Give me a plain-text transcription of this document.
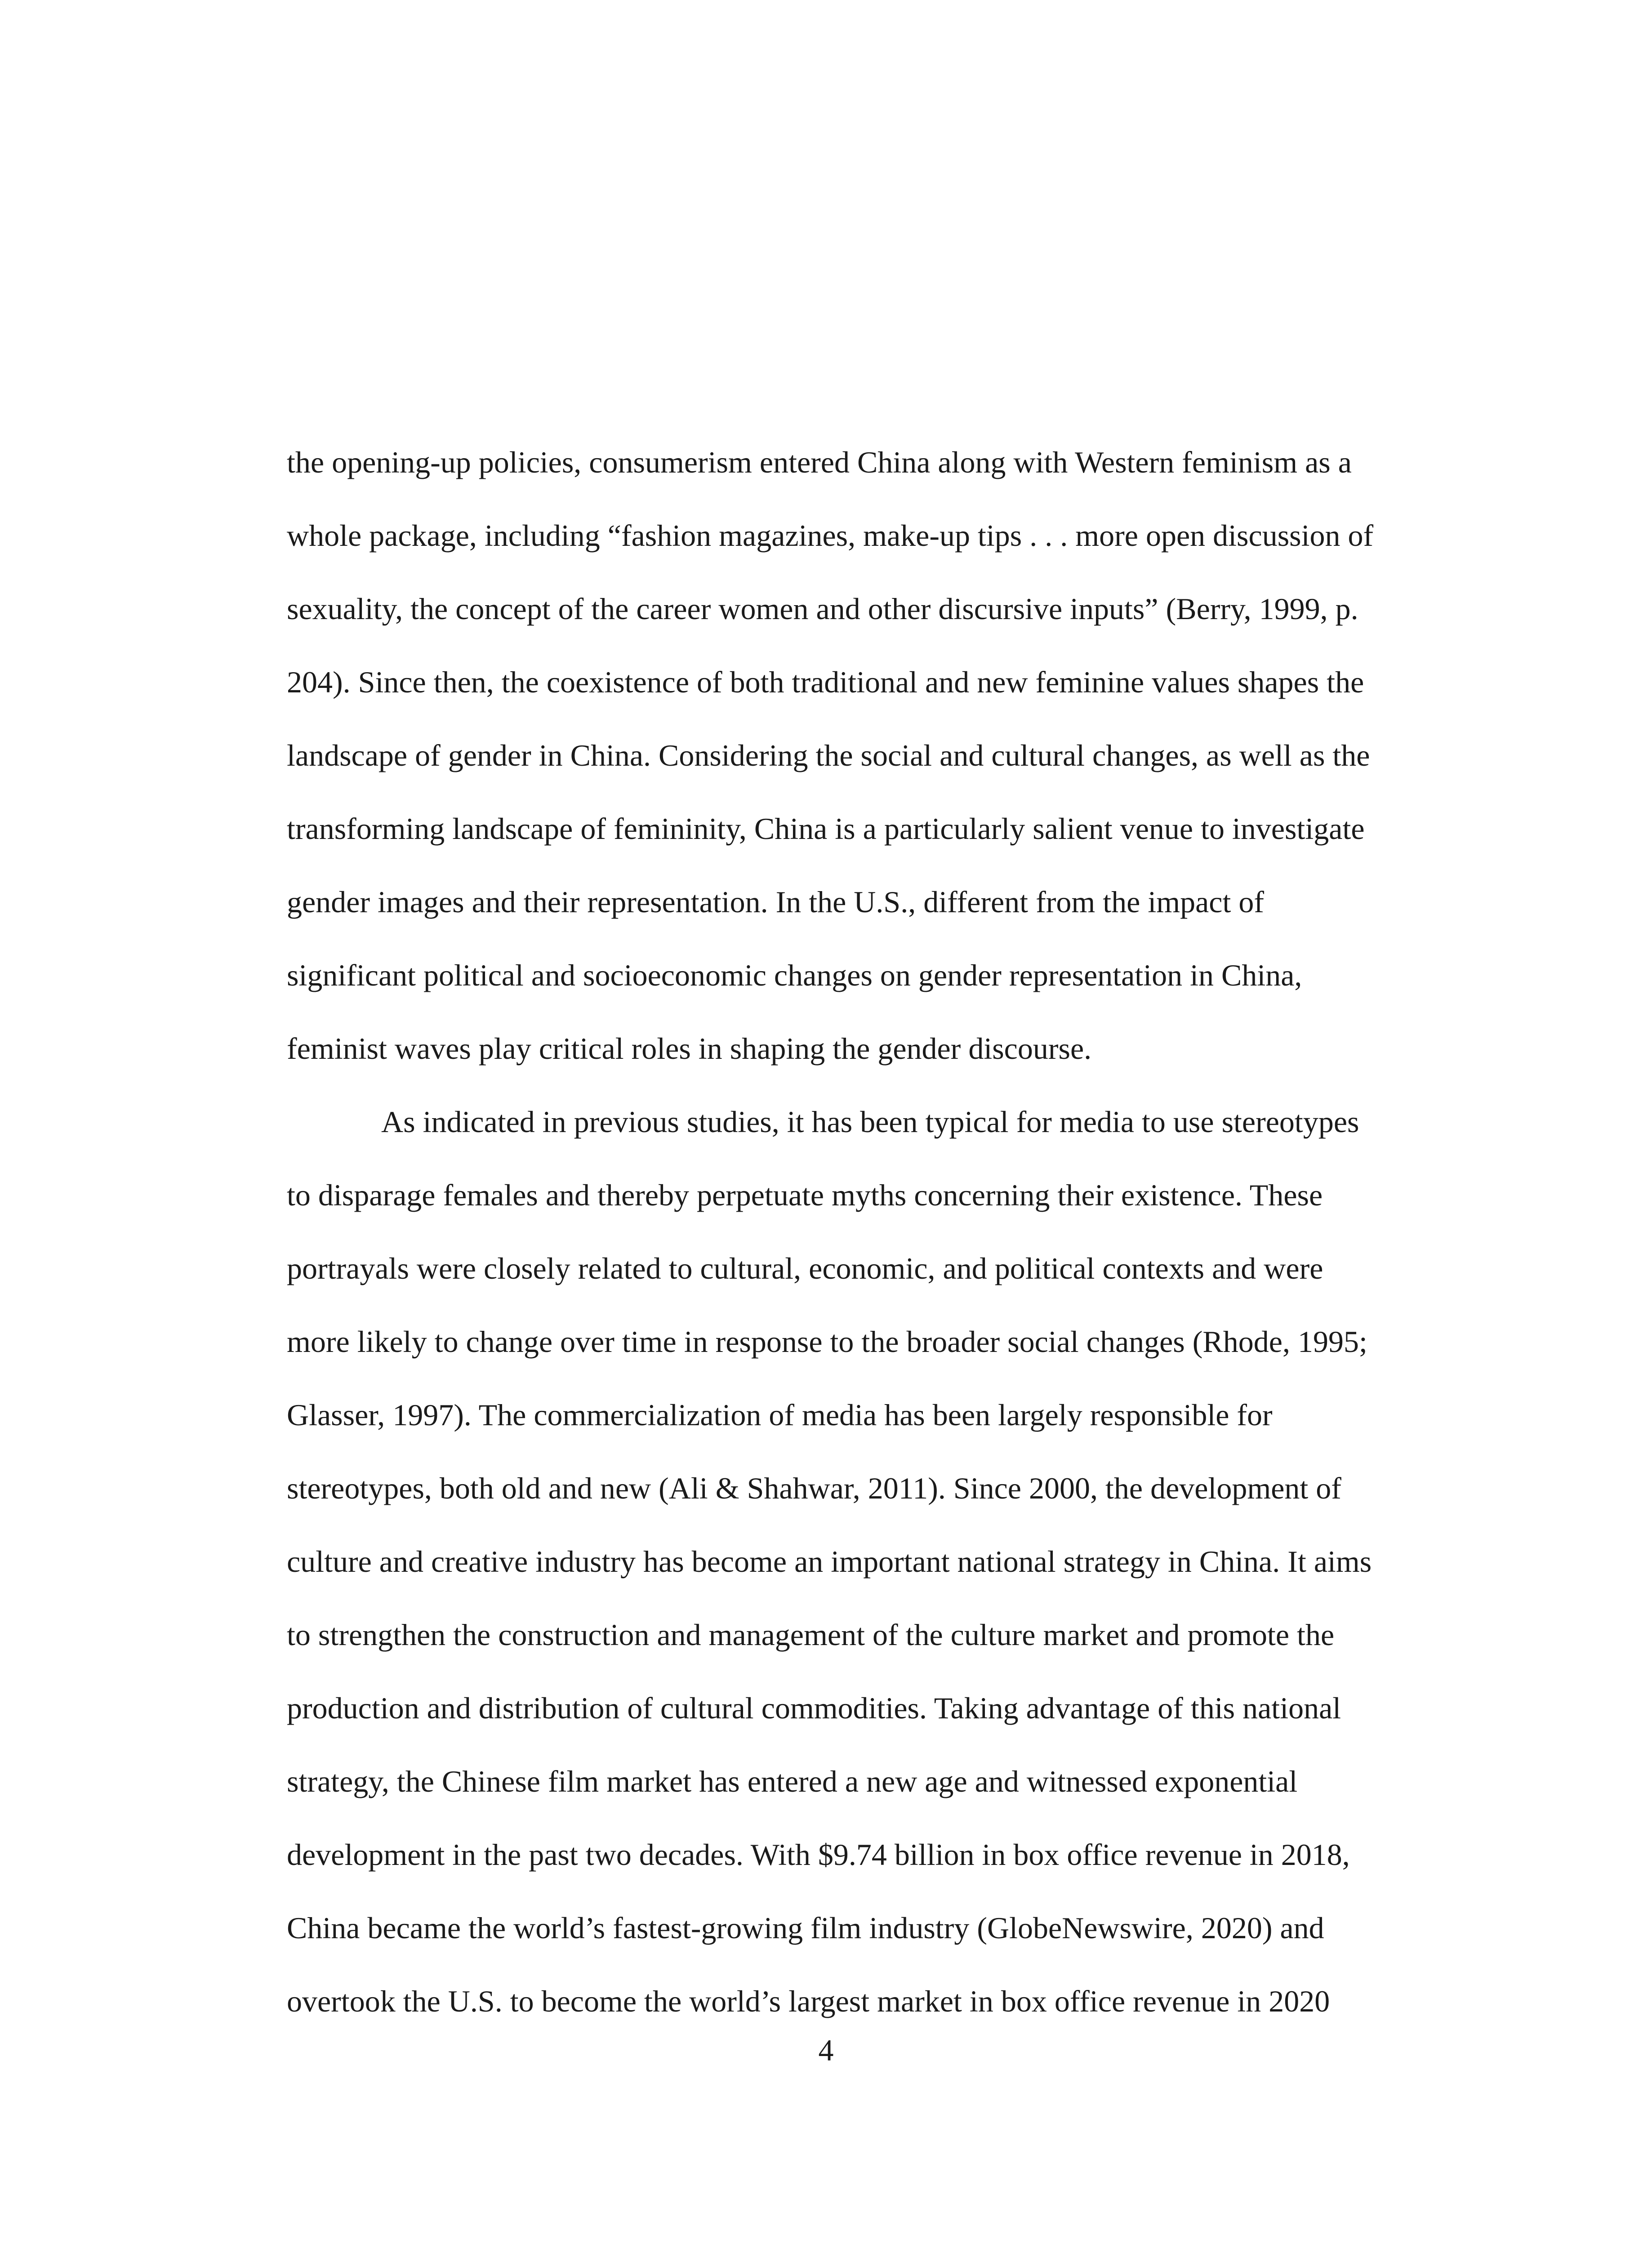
the opening-up policies, consumerism entered China along with Western feminism as a
whole package, including “fashion magazines, make-up tips . . . more open discussion of
sexuality, the concept of the career women and other discursive inputs” (Berry, 1999, p.
204). Since then, the coexistence of both traditional and new feminine values shapes the
landscape of gender in China. Considering the social and cultural changes, as well as the
transforming landscape of femininity, China is a particularly salient venue to investigate
gender images and their representation. In the U.S., different from the impact of
significant political and socioeconomic changes on gender representation in China,
feminist waves play critical roles in shaping the gender discourse.
As indicated in previous studies, it has been typical for media to use stereotypes
to disparage females and thereby perpetuate myths concerning their existence. These
portrayals were closely related to cultural, economic, and political contexts and were
more likely to change over time in response to the broader social changes (Rhode, 1995;
Glasser, 1997). The commercialization of media has been largely responsible for
stereotypes, both old and new (Ali & Shahwar, 2011). Since 2000, the development of
culture and creative industry has become an important national strategy in China. It aims
to strengthen the construction and management of the culture market and promote the
production and distribution of cultural commodities. Taking advantage of this national
strategy, the Chinese film market has entered a new age and witnessed exponential
development in the past two decades. With $9.74 billion in box office revenue in 2018,
China became the world’s fastest-growing film industry (GlobeNewswire, 2020) and
overtook the U.S. to become the world’s largest market in box office revenue in 2020
4
